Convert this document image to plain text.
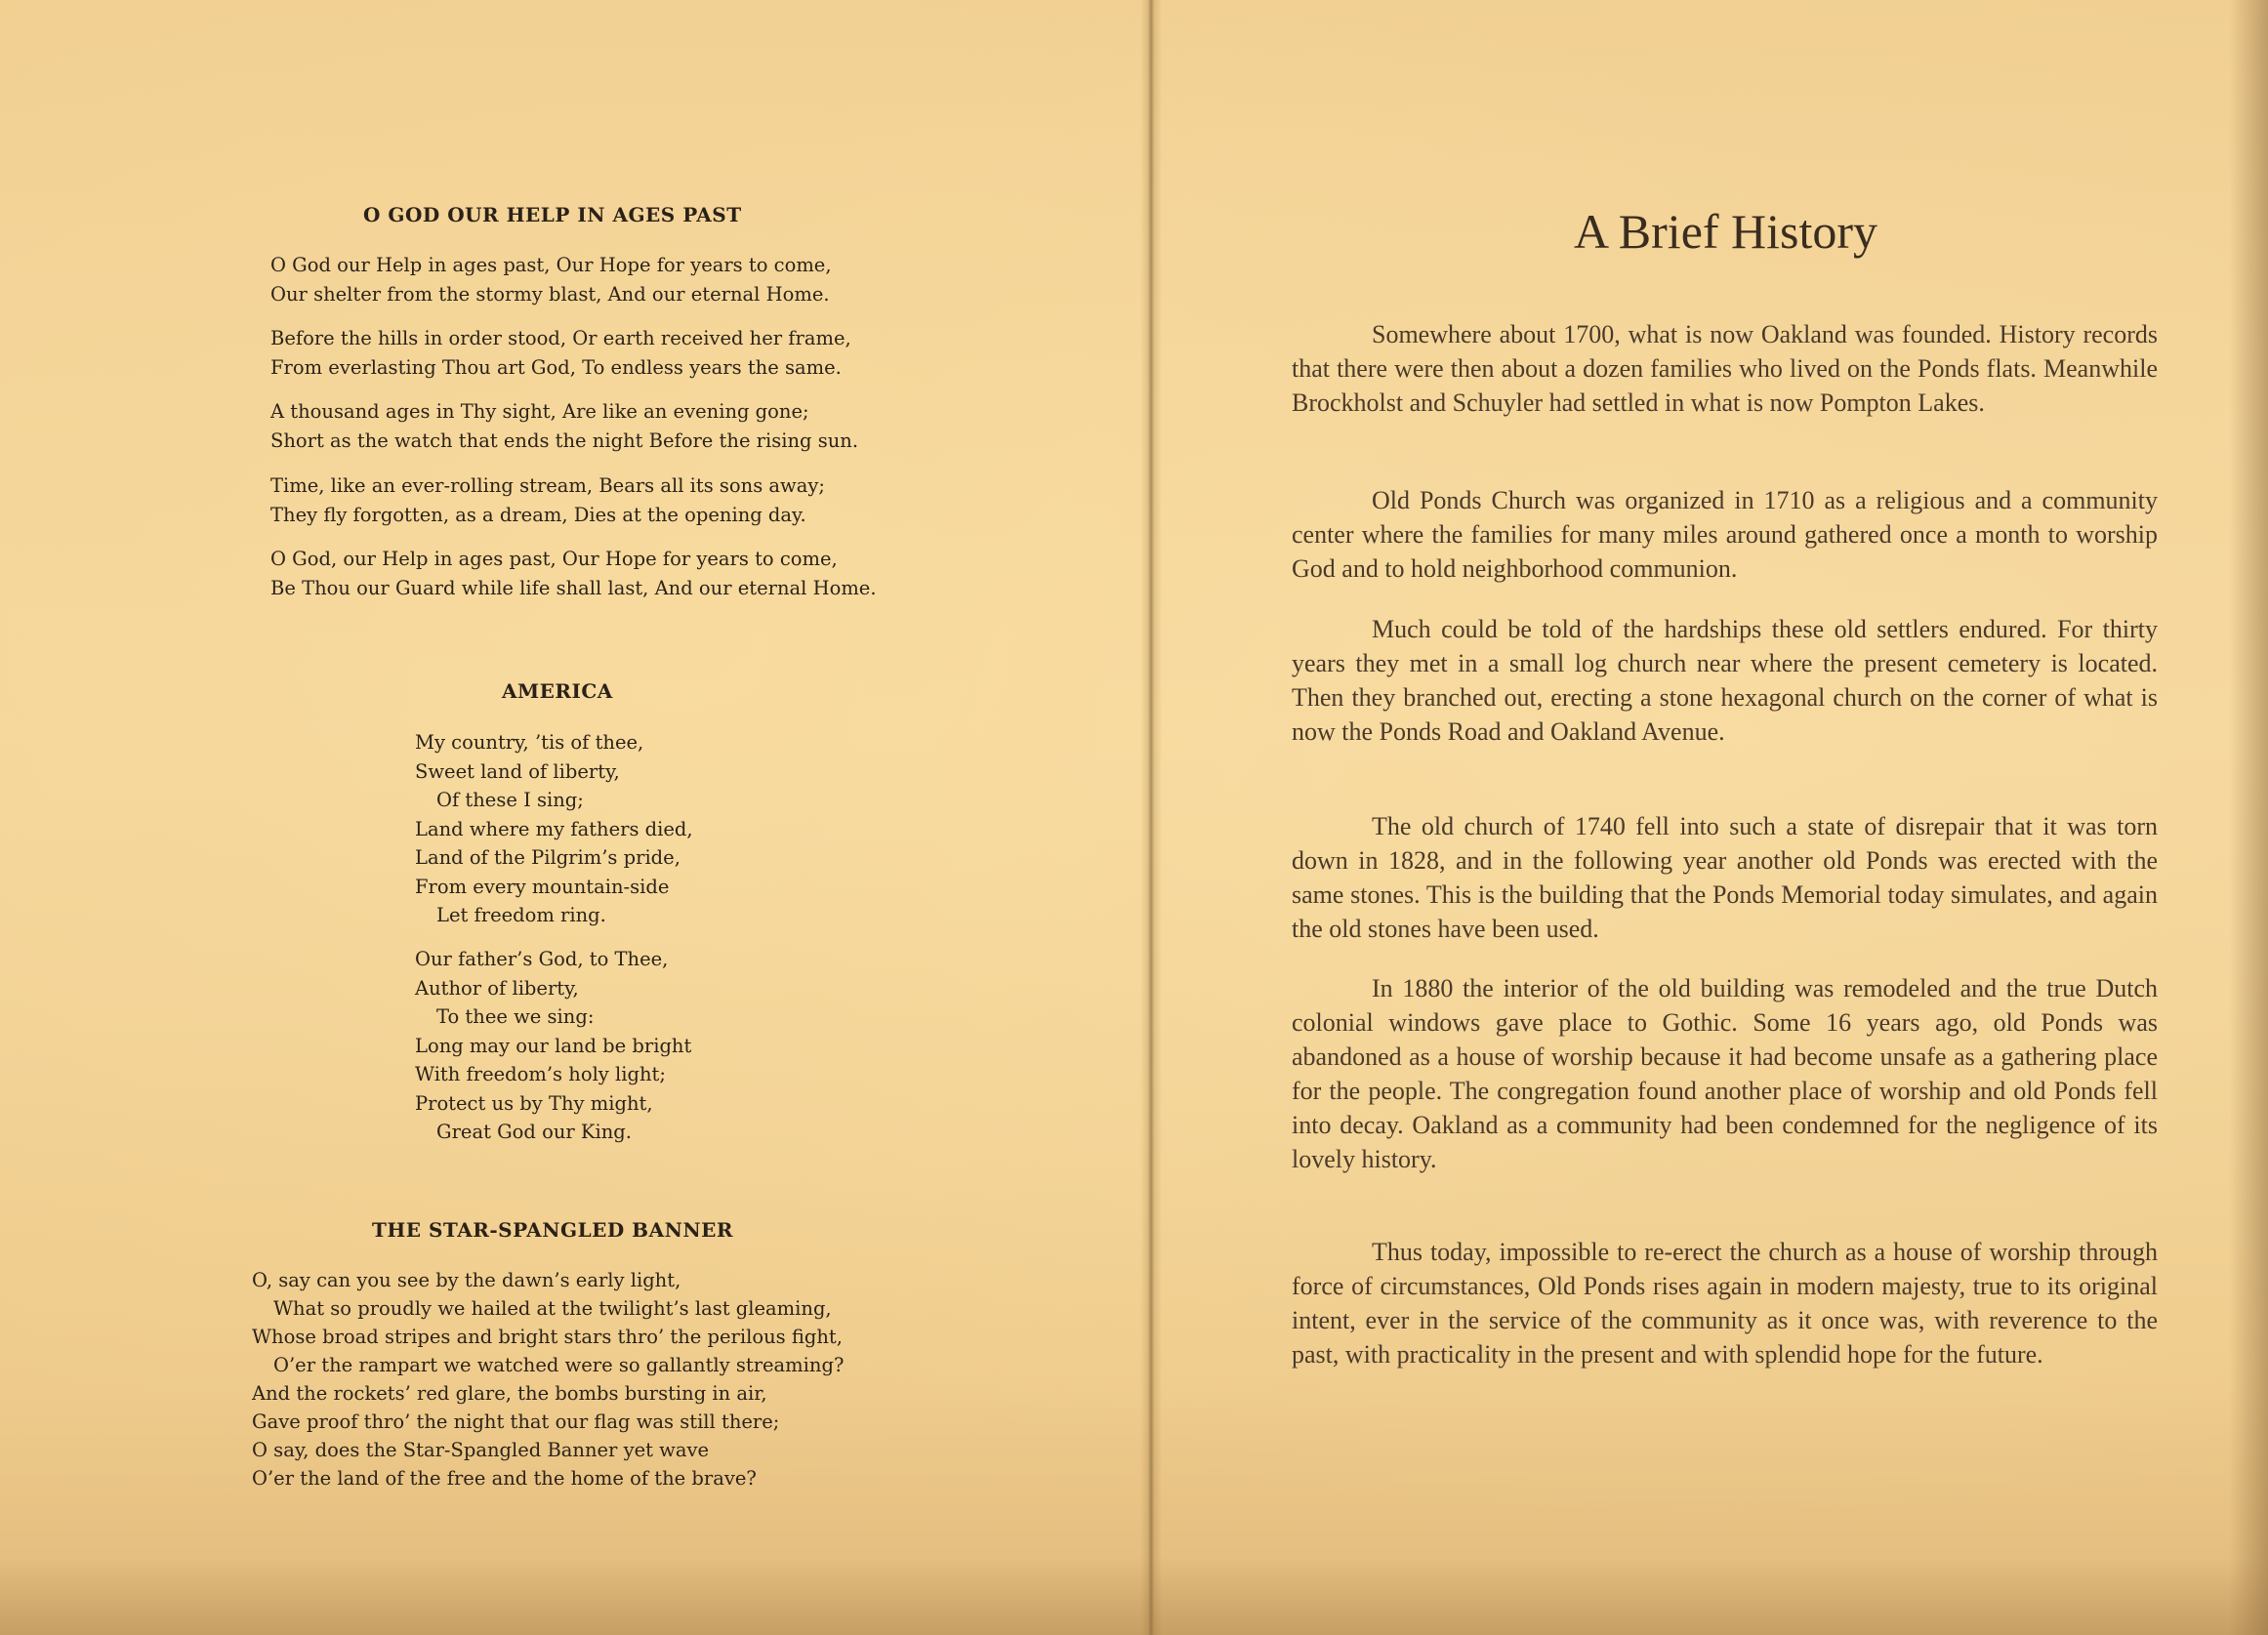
O GOD OUR HELP IN AGES PAST
O God our Help in ages past, Our Hope for years to come,
Our shelter from the stormy blast, And our eternal Home.
Before the hills in order stood, Or earth received her frame,
From everlasting Thou art God, To endless years the same.
A thousand ages in Thy sight, Are like an evening gone;
Short as the watch that ends the night Before the rising sun.
Time, like an ever-rolling stream, Bears all its sons away;
They fly forgotten, as a dream, Dies at the opening day.
O God, our Help in ages past, Our Hope for years to come,
Be Thou our Guard while life shall last, And our eternal Home.
AMERICA
My country, ’tis of thee,
Sweet land of liberty,
Of these I sing;
Land where my fathers died,
Land of the Pilgrim’s pride,
From every mountain-side
Let freedom ring.
Our father’s God, to Thee,
Author of liberty,
To thee we sing:
Long may our land be bright
With freedom’s holy light;
Protect us by Thy might,
Great God our King.
THE STAR-SPANGLED BANNER
O, say can you see by the dawn’s early light,
What so proudly we hailed at the twilight’s last gleaming,
Whose broad stripes and bright stars thro’ the perilous fight,
O’er the rampart we watched were so gallantly streaming?
And the rockets’ red glare, the bombs bursting in air,
Gave proof thro’ the night that our flag was still there;
O say, does the Star-Spangled Banner yet wave
O’er the land of the free and the home of the brave?
A Brief History

Somewhere about 1700, what is now Oakland was founded. History records that there were then about a dozen families who lived on the Ponds flats. Meanwhile Brockholst and Schuyler had settled in what is now Pompton Lakes.

Old Ponds Church was organized in 1710 as a religious and a community center where the families for many miles around gathered once a month to worship God and to hold neighborhood communion.

Much could be told of the hardships these old settlers endured. For thirty years they met in a small log church near where the present cemetery is located. Then they branched out, erecting a stone hexagonal church on the corner of what is now the Ponds Road and Oakland Avenue.

The old church of 1740 fell into such a state of disrepair that it was torn down in 1828, and in the following year another old Ponds was erected with the same stones. This is the building that the Ponds Memorial today simulates, and again the old stones have been used.

In 1880 the interior of the old building was remodeled and the true Dutch colonial windows gave place to Gothic. Some 16 years ago, old Ponds was abandoned as a house of worship because it had become unsafe as a gathering place for the people. The congregation found another place of worship and old Ponds fell into decay. Oakland as a community had been condemned for the negligence of its lovely history.

Thus today, impossible to re-erect the church as a house of worship through force of circumstances, Old Ponds rises again in modern majesty, true to its original intent, ever in the service of the community as it once was, with reverence to the past, with practicality in the present and with splendid hope for the future.
